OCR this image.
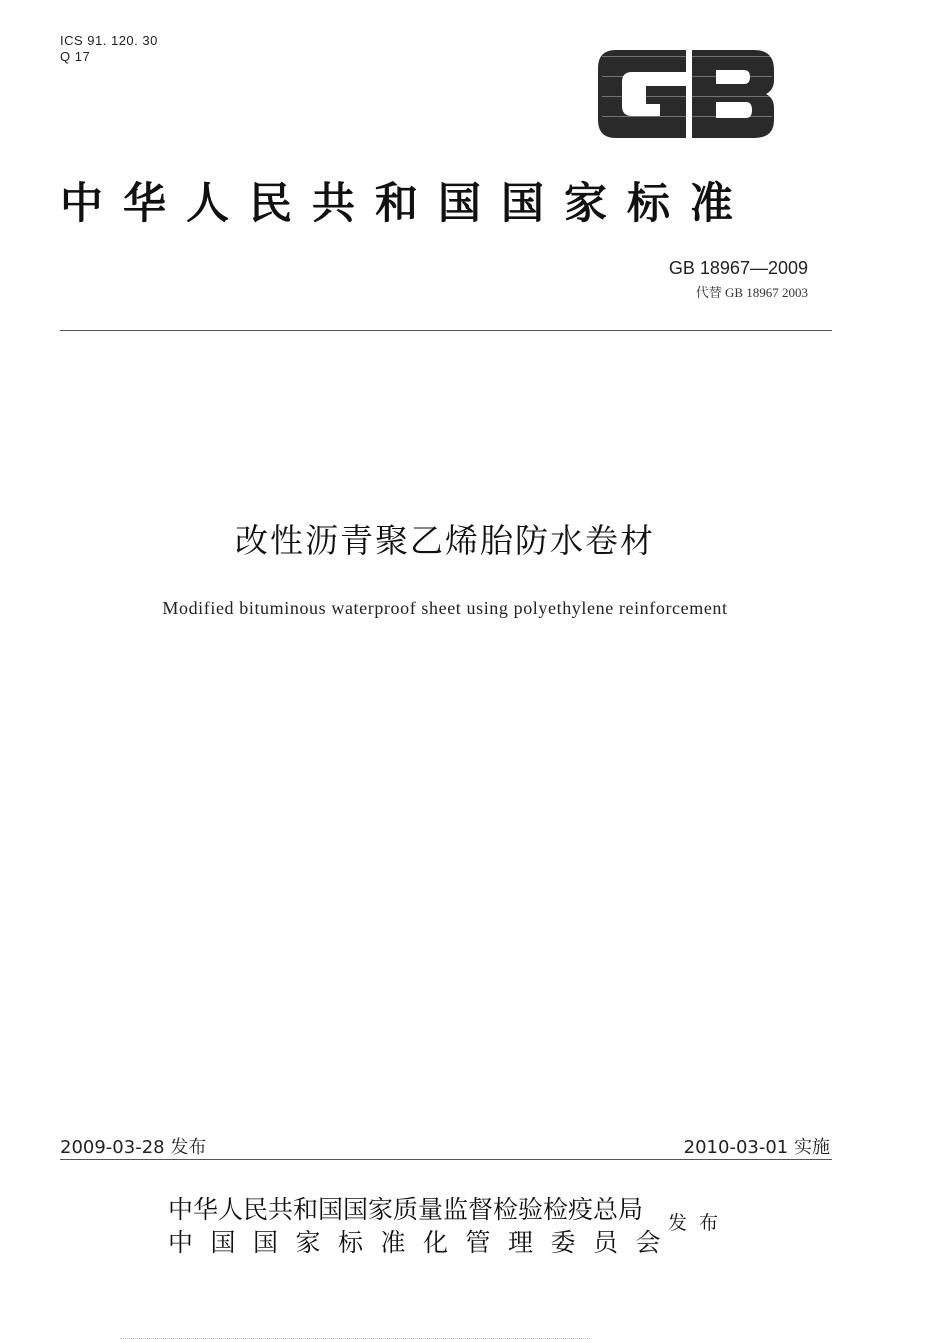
ICS 91. 120. 30
Q 17
中华人民共和国国家标准
GB 18967—2009
代替 GB 18967 2003
改性沥青聚乙烯胎防水卷材
Modified bituminous waterproof sheet using polyethylene reinforcement
2009-03-28 发布	2010-03-01 实施
中华人民共和国国家质量监督检验检疫总局
中国国家标准化管理委员会
发布
